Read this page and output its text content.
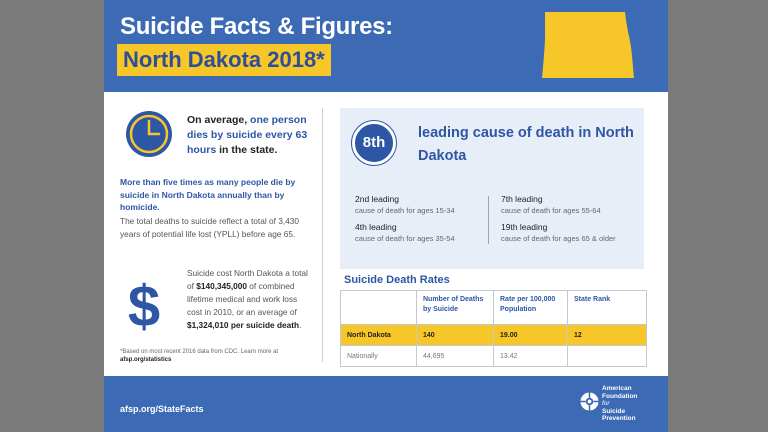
Suicide Facts & Figures:
North Dakota 2018*
On average, one person dies by suicide every 63 hours in the state.
More than five times as many people die by suicide in North Dakota annually than by homicide.
The total deaths to suicide reflect a total of 3,430 years of potential life lost (YPLL) before age 65.
$
Suicide cost North Dakota a total of $140,345,000 of combined lifetime medical and work loss cost in 2010, or an average of $1,324,010 per suicide death.
*Based on most recent 2016 data from CDC. Learn more at afsp.org/statistics
8th
leading cause of death in North Dakota
2nd leading
cause of death for ages 15-34
7th leading
cause of death for ages 55-64
4th leading
cause of death for ages 35-54
19th leading
cause of death for ages 65 & older
Suicide Death Rates
	Number of Deaths by Suicide	Rate per 100,000 Population	State Rank
North Dakota	140	19.00	12
Nationally	44,695	13.42	
afsp.org/StateFacts
American
Foundation
for
Suicide
Prevention
